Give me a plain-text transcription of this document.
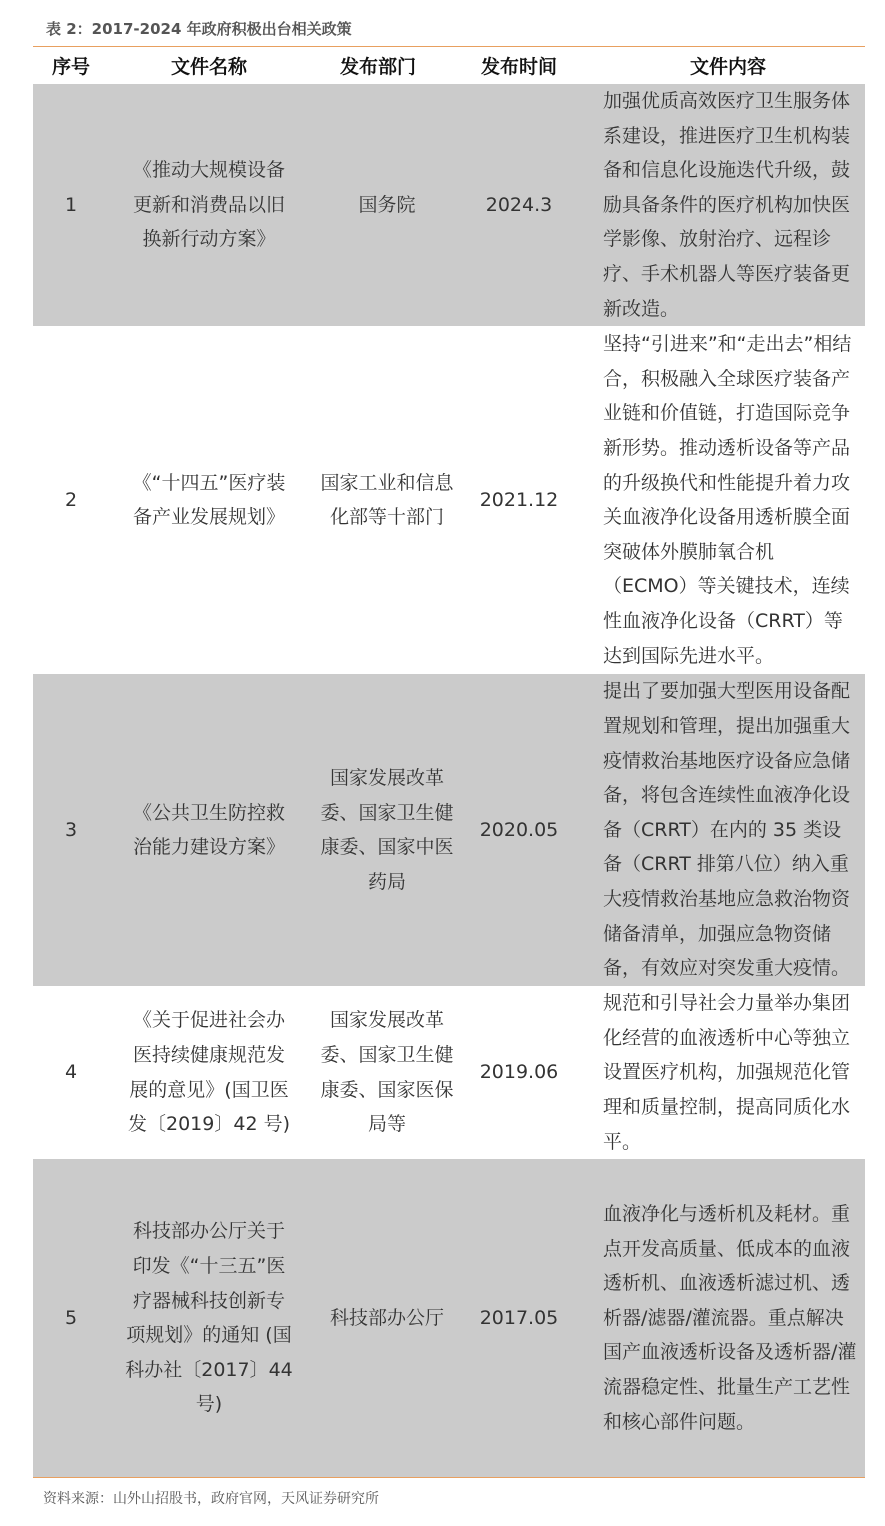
表 2：2017-2024 年政府积极出台相关政策
序号	文件名称	发布部门	发布时间	文件内容
1	《推动大规模设备更新和消费品以旧换新行动方案》	国务院	2024.3	加强优质高效医疗卫生服务体系建设，推进医疗卫生机构装备和信息化设施迭代升级，鼓励具备条件的医疗机构加快医学影像、放射治疗、远程诊疗、手术机器人等医疗装备更新改造。
2	《“十四五”医疗装备产业发展规划》	国家工业和信息化部等十部门	2021.12	坚持“引进来”和“走出去”相结合，积极融入全球医疗装备产业链和价值链，打造国际竞争新形势。推动透析设备等产品的升级换代和性能提升着力攻关血液净化设备用透析膜全面突破体外膜肺氧合机（ECMO）等关键技术，连续性血液净化设备（CRRT）等达到国际先进水平。
3	《公共卫生防控救治能力建设方案》	国家发展改革委、国家卫生健康委、国家中医药局	2020.05	提出了要加强大型医用设备配置规划和管理，提出加强重大疫情救治基地医疗设备应急储备，将包含连续性血液净化设备（CRRT）在内的 35 类设备（CRRT 排第八位）纳入重大疫情救治基地应急救治物资储备清单，加强应急物资储备，有效应对突发重大疫情。
4	《关于促进社会办医持续健康规范发展的意见》(国卫医发〔2019〕42 号)	国家发展改革委、国家卫生健康委、国家医保局等	2019.06	规范和引导社会力量举办集团化经营的血液透析中心等独立设置医疗机构，加强规范化管理和质量控制，提高同质化水平。
5	科技部办公厅关于印发《“十三五”医疗器械科技创新专项规划》的通知 (国科办社〔2017〕44 号)	科技部办公厅	2017.05	血液净化与透析机及耗材。重点开发高质量、低成本的血液透析机、血液透析滤过机、透析器/滤器/灌流器。重点解决国产血液透析设备及透析器/灌流器稳定性、批量生产工艺性和核心部件问题。
资料来源：山外山招股书，政府官网，天风证券研究所
